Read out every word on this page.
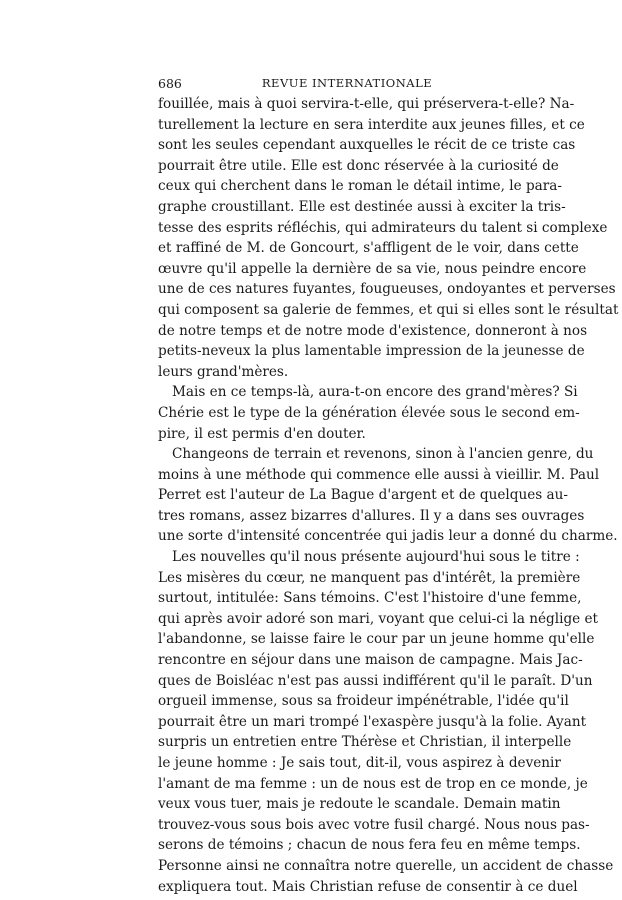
686	REVUE INTERNATIONALE
fouillée, mais à quoi servira-t-elle, qui préservera-t-elle? Na-
turellement la lecture en sera interdite aux jeunes filles, et ce
sont les seules cependant auxquelles le récit de ce triste cas
pourrait être utile. Elle est donc réservée à la curiosité de
ceux qui cherchent dans le roman le détail intime, le para-
graphe croustillant. Elle est destinée aussi à exciter la tris-
tesse des esprits réfléchis, qui admirateurs du talent si complexe
et raffiné de M. de Goncourt, s'affligent de le voir, dans cette
œuvre qu'il appelle la dernière de sa vie, nous peindre encore
une de ces natures fuyantes, fougueuses, ondoyantes et perverses
qui composent sa galerie de femmes, et qui si elles sont le résultat
de notre temps et de notre mode d'existence, donneront à nos
petits-neveux la plus lamentable impression de la jeunesse de
leurs grand'mères.
Mais en ce temps-là, aura-t-on encore des grand'mères? Si
Chérie est le type de la génération élevée sous le second em-
pire, il est permis d'en douter.
Changeons de terrain et revenons, sinon à l'ancien genre, du
moins à une méthode qui commence elle aussi à vieillir. M. Paul
Perret est l'auteur de La Bague d'argent et de quelques au-
tres romans, assez bizarres d'allures. Il y a dans ses ouvrages
une sorte d'intensité concentrée qui jadis leur a donné du charme.
Les nouvelles qu'il nous présente aujourd'hui sous le titre :
Les misères du cœur, ne manquent pas d'intérêt, la première
surtout, intitulée: Sans témoins. C'est l'histoire d'une femme,
qui après avoir adoré son mari, voyant que celui-ci la néglige et
l'abandonne, se laisse faire le cour par un jeune homme qu'elle
rencontre en séjour dans une maison de campagne. Mais Jac-
ques de Boisléac n'est pas aussi indifférent qu'il le paraît. D'un
orgueil immense, sous sa froideur impénétrable, l'idée qu'il
pourrait être un mari trompé l'exaspère jusqu'à la folie. Ayant
surpris un entretien entre Thérèse et Christian, il interpelle
le jeune homme : Je sais tout, dit-il, vous aspirez à devenir
l'amant de ma femme : un de nous est de trop en ce monde, je
veux vous tuer, mais je redoute le scandale. Demain matin
trouvez-vous sous bois avec votre fusil chargé. Nous nous pas-
serons de témoins ; chacun de nous fera feu en même temps.
Personne ainsi ne connaîtra notre querelle, un accident de chasse
expliquera tout. Mais Christian refuse de consentir à ce duel
